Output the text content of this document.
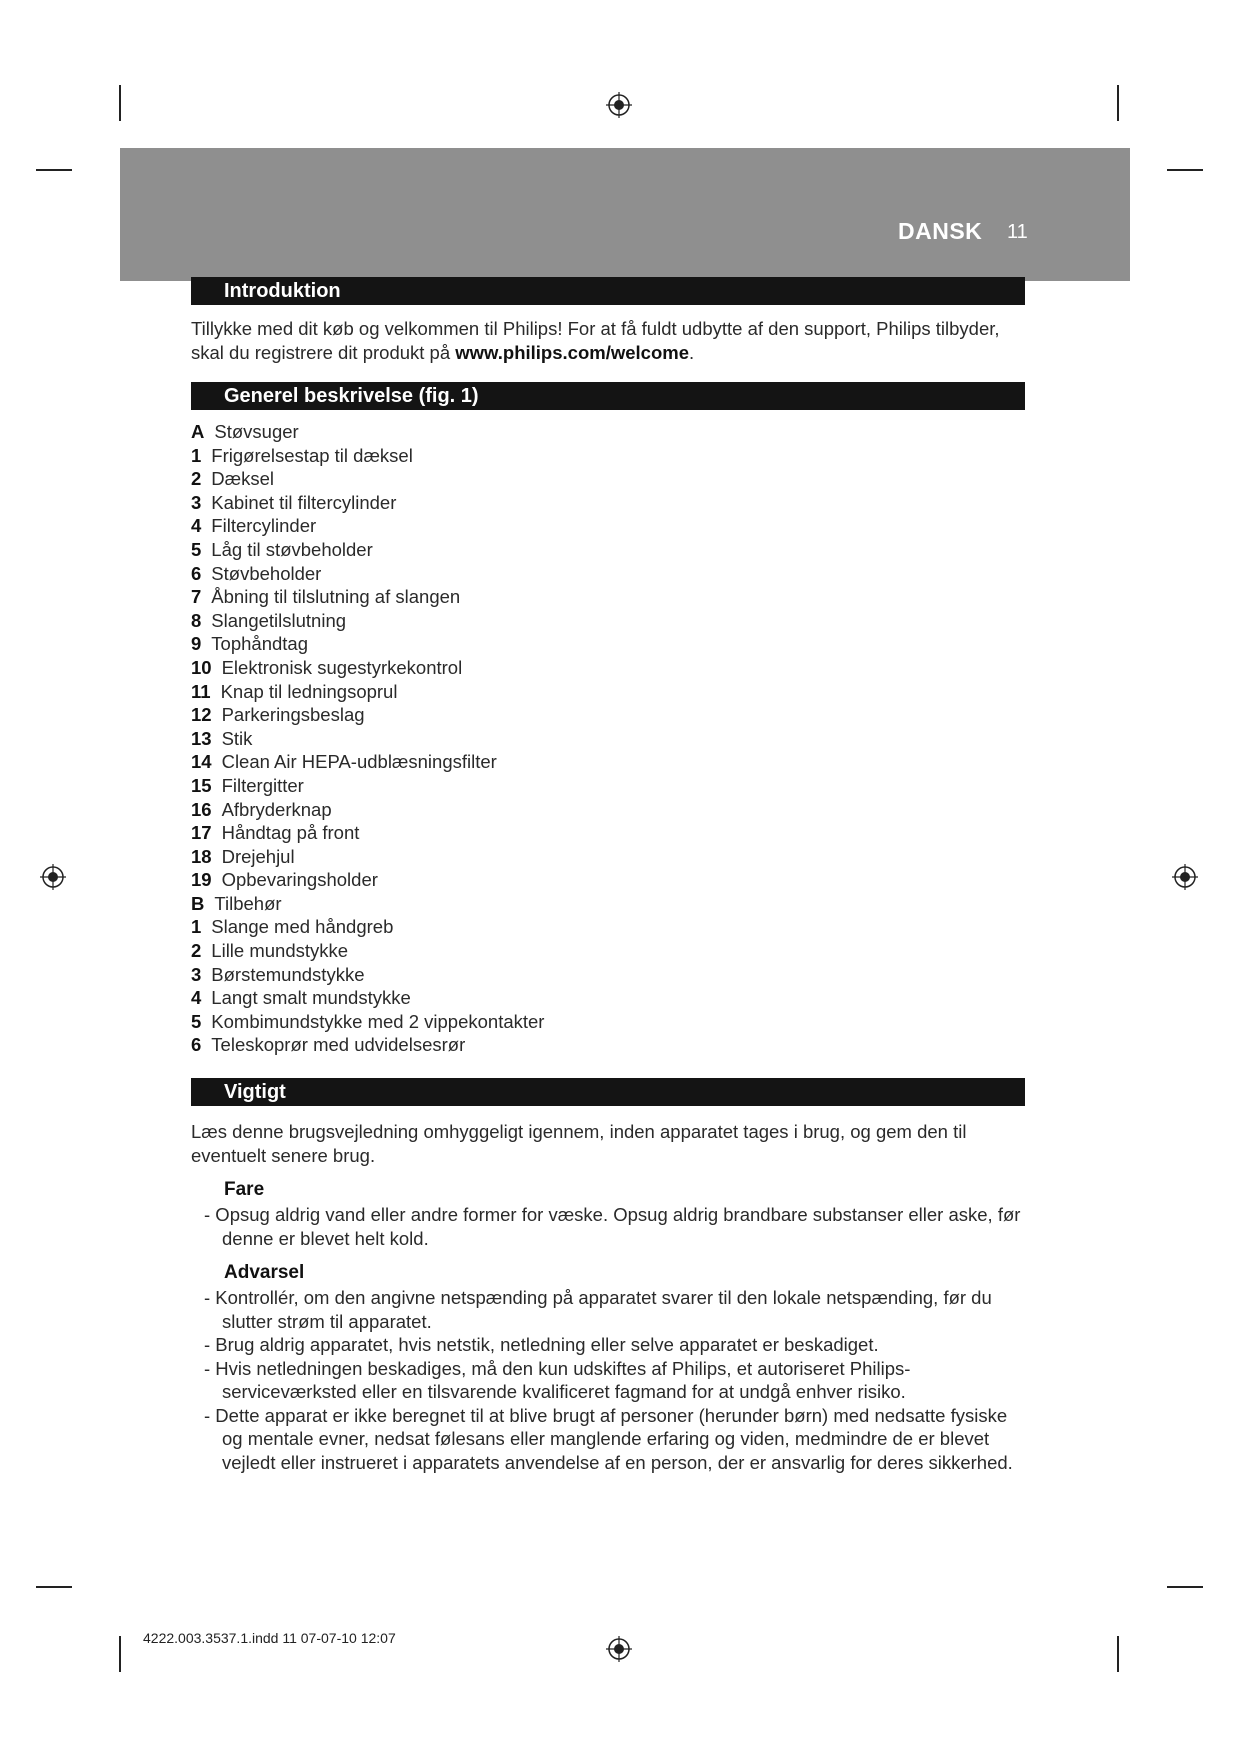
DANSK 11
Introduktion
Tillykke med dit køb og velkommen til Philips! For at få fuldt udbytte af den support, Philips tilbyder, skal du registrere dit produkt på www.philips.com/welcome.
Generel beskrivelse (fig. 1)
A Støvsuger
1 Frigørelsestap til dæksel
2 Dæksel
3 Kabinet til filtercylinder
4 Filtercylinder
5 Låg til støvbeholder
6 Støvbeholder
7 Åbning til tilslutning af slangen
8 Slangetilslutning
9 Tophåndtag
10 Elektronisk sugestyrkekontrol
11 Knap til ledningsoprul
12 Parkeringsbeslag
13 Stik
14 Clean Air HEPA-udblæsningsfilter
15 Filtergitter
16 Afbryderknap
17 Håndtag på front
18 Drejehjul
19 Opbevaringsholder
B Tilbehør
1 Slange med håndgreb
2 Lille mundstykke
3 Børstemundstykke
4 Langt smalt mundstykke
5 Kombimundstykke med 2 vippekontakter
6 Teleskoprør med udvidelsesrør
Vigtigt
Læs denne brugsvejledning omhyggeligt igennem, inden apparatet tages i brug, og gem den til eventuelt senere brug.
Fare
- Opsug aldrig vand eller andre former for væske. Opsug aldrig brandbare substanser eller aske, før denne er blevet helt kold.
Advarsel
- Kontrollér, om den angivne netspænding på apparatet svarer til den lokale netspænding, før du slutter strøm til apparatet.
- Brug aldrig apparatet, hvis netstik, netledning eller selve apparatet er beskadiget.
- Hvis netledningen beskadiges, må den kun udskiftes af Philips, et autoriseret Philips-serviceværksted eller en tilsvarende kvalificeret fagmand for at undgå enhver risiko.
- Dette apparat er ikke beregnet til at blive brugt af personer (herunder børn) med nedsatte fysiske og mentale evner, nedsat følesans eller manglende erfaring og viden, medmindre de er blevet vejledt eller instrueret i apparatets anvendelse af en person, der er ansvarlig for deres sikkerhed.
4222.003.3537.1.indd 11 07-07-10 12:07
